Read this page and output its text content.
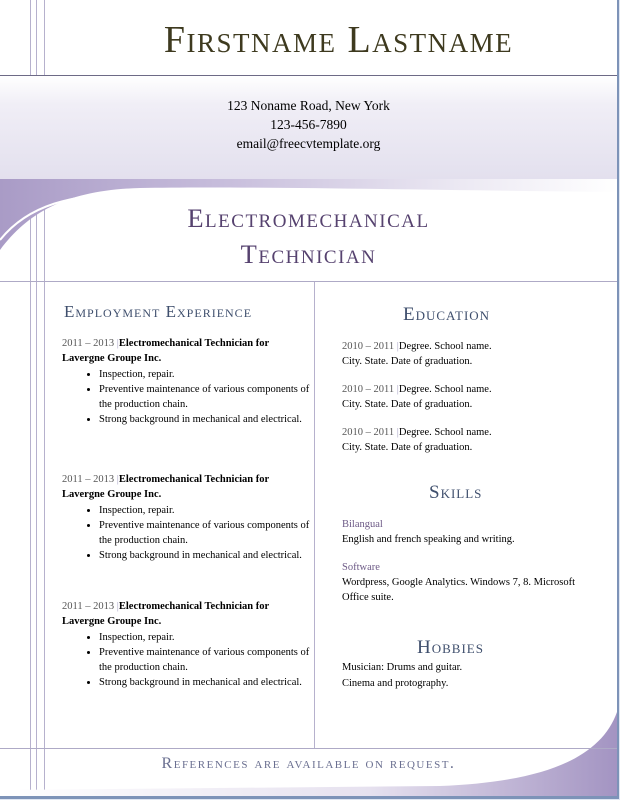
Firstname Lastname
123 Noname Road, New York
123-456-7890
email@freecvtemplate.org
Electromechanical
Technician
Employment Experience
2011 – 2013 |Electromechanical Technician for Lavergne Groupe Inc.
• Inspection, repair.
• Preventive maintenance of various components of the production chain.
• Strong background in mechanical and electrical.
2011 – 2013 |Electromechanical Technician for Lavergne Groupe Inc.
• Inspection, repair.
• Preventive maintenance of various components of the production chain.
• Strong background in mechanical and electrical.
2011 – 2013 |Electromechanical Technician for Lavergne Groupe Inc.
• Inspection, repair.
• Preventive maintenance of various components of the production chain.
• Strong background in mechanical and electrical.
Education
2010 – 2011 |Degree. School name.
City. State. Date of graduation.
2010 – 2011 |Degree. School name.
City. State. Date of graduation.
2010 – 2011 |Degree. School name.
City. State. Date of graduation.
Skills
Bilangual
English and french speaking and writing.
Software
Wordpress, Google Analytics. Windows 7, 8. Microsoft Office suite.
Hobbies
Musician: Drums and guitar.
Cinema and protography.
References are available on request.
